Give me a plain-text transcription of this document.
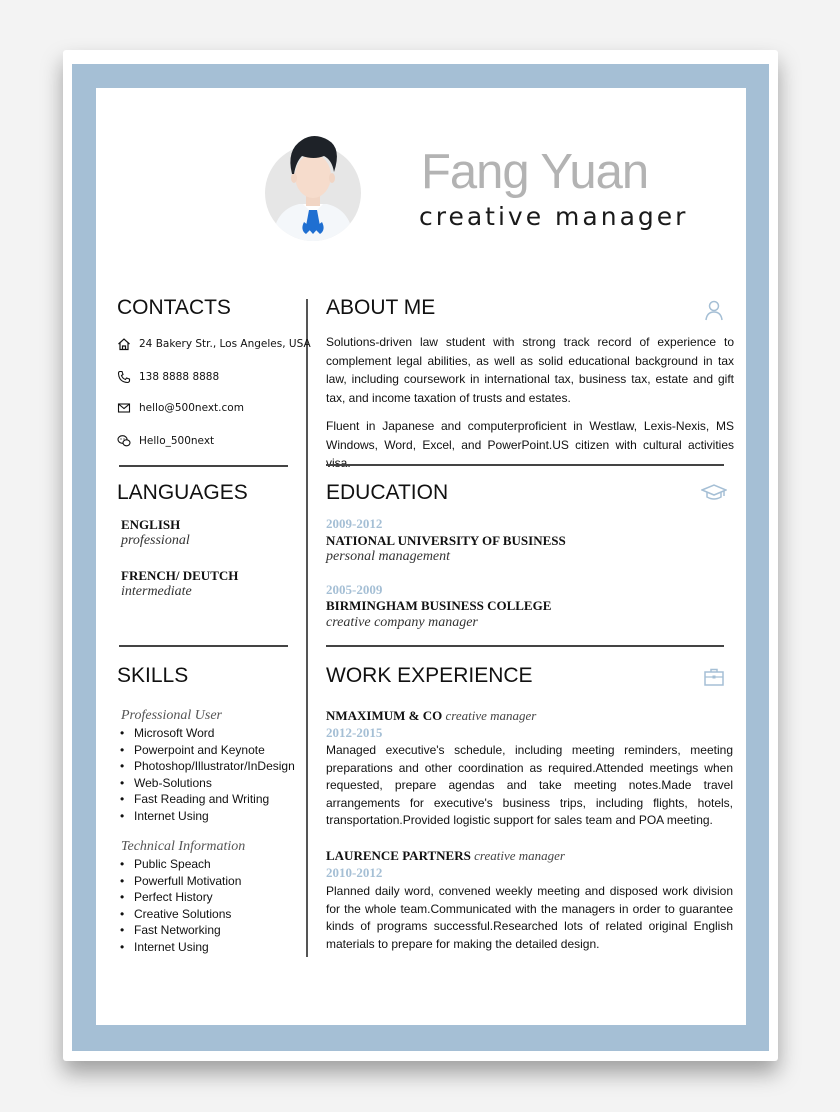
Fang Yuan
creative manager
CONTACTS
24 Bakery Str., Los Angeles, USA
138 8888 8888
hello@500next.com
Hello_500next
LANGUAGES
ENGLISH
professional
FRENCH/ DEUTCH
intermediate
SKILLS
Professional User
• Microsoft Word
• Powerpoint and Keynote
• Photoshop/Illustrator/InDesign
• Web-Solutions
• Fast Reading and Writing
• Internet Using
Technical Information
• Public Speach
• Powerfull Motivation
• Perfect History
• Creative Solutions
• Fast Networking
• Internet Using
ABOUT ME
Solutions-driven law student with strong track record of experience to complement legal abilities, as well as solid educational background in tax law, including coursework in international tax, business tax, estate and gift tax, and income taxation of trusts and estates.
Fluent in Japanese and computerproficient in Westlaw, Lexis-Nexis, MS Windows, Word, Excel, and PowerPoint.US citizen with cultural activities
EDUCATION
2009-2012
NATIONAL UNIVERSITY OF BUSINESS
personal management
2005-2009
BIRMINGHAM BUSINESS COLLEGE
creative company manager
WORK EXPERIENCE
NMAXIMUM & CO creative manager
2012-2015
Managed executive's schedule, including meeting reminders, meeting preparations and other coordination as required.Attended meetings when requested, prepare agendas and take meeting notes.Made travel arrangements for executive's business trips, including flights, hotels, transportation.Provided logistic support for sales team and POA meeting.
LAURENCE PARTNERS creative manager
2010-2012
Planned daily word, convened weekly meeting and disposed work division for the whole team.Communicated with the managers in order to guarantee kinds of programs successful.Researched lots of related original English materials to prepare for making the detailed design.
